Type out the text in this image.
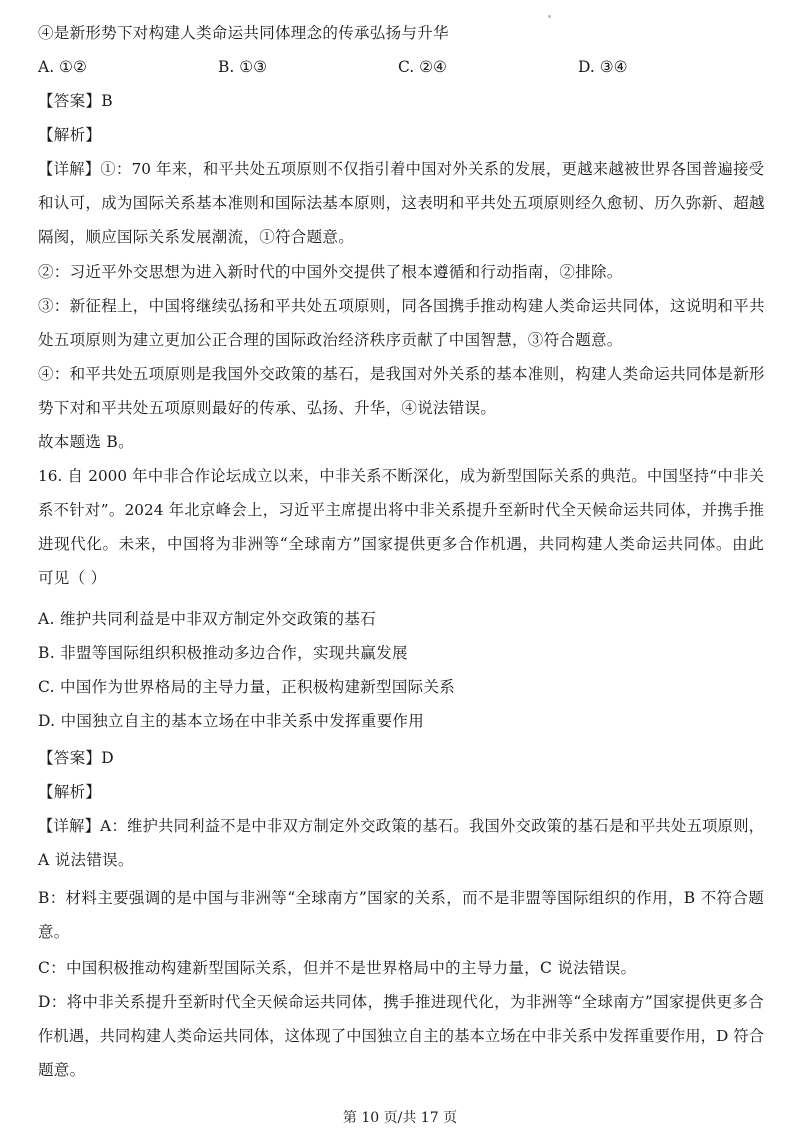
④是新形势下对构建人类命运共同体理念的传承弘扬与升华
A. ①②	B. ①③	C. ②④	D. ③④
【答案】B
【解析】
【详解】①：70 年来，和平共处五项原则不仅指引着中国对外关系的发展，更越来越被世界各国普遍接受
和认可，成为国际关系基本准则和国际法基本原则，这表明和平共处五项原则经久愈韧、历久弥新、超越
隔阂，顺应国际关系发展潮流，①符合题意。
②：习近平外交思想为进入新时代的中国外交提供了根本遵循和行动指南，②排除。
③：新征程上，中国将继续弘扬和平共处五项原则，同各国携手推动构建人类命运共同体，这说明和平共
处五项原则为建立更加公正合理的国际政治经济秩序贡献了中国智慧，③符合题意。
④：和平共处五项原则是我国外交政策的基石，是我国对外关系的基本准则，构建人类命运共同体是新形
势下对和平共处五项原则最好的传承、弘扬、升华，④说法错误。
故本题选 B。
16. 自 2000 年中非合作论坛成立以来，中非关系不断深化，成为新型国际关系的典范。中国坚持“中非关
系不针对”。2024 年北京峰会上，习近平主席提出将中非关系提升至新时代全天候命运共同体，并携手推
进现代化。未来，中国将为非洲等“全球南方”国家提供更多合作机遇，共同构建人类命运共同体。由此
可见（ ）
A. 维护共同利益是中非双方制定外交政策的基石
B. 非盟等国际组织积极推动多边合作，实现共赢发展
C. 中国作为世界格局的主导力量，正积极构建新型国际关系
D. 中国独立自主的基本立场在中非关系中发挥重要作用
【答案】D
【解析】
【详解】A：维护共同利益不是中非双方制定外交政策的基石。我国外交政策的基石是和平共处五项原则，
A 说法错误。
B：材料主要强调的是中国与非洲等“全球南方”国家的关系，而不是非盟等国际组织的作用，B 不符合题
意。
C：中国积极推动构建新型国际关系，但并不是世界格局中的主导力量，C 说法错误。
D：将中非关系提升至新时代全天候命运共同体，携手推进现代化，为非洲等“全球南方”国家提供更多合
作机遇，共同构建人类命运共同体，这体现了中国独立自主的基本立场在中非关系中发挥重要作用，D 符合
题意。
第 10 页/共 17 页
